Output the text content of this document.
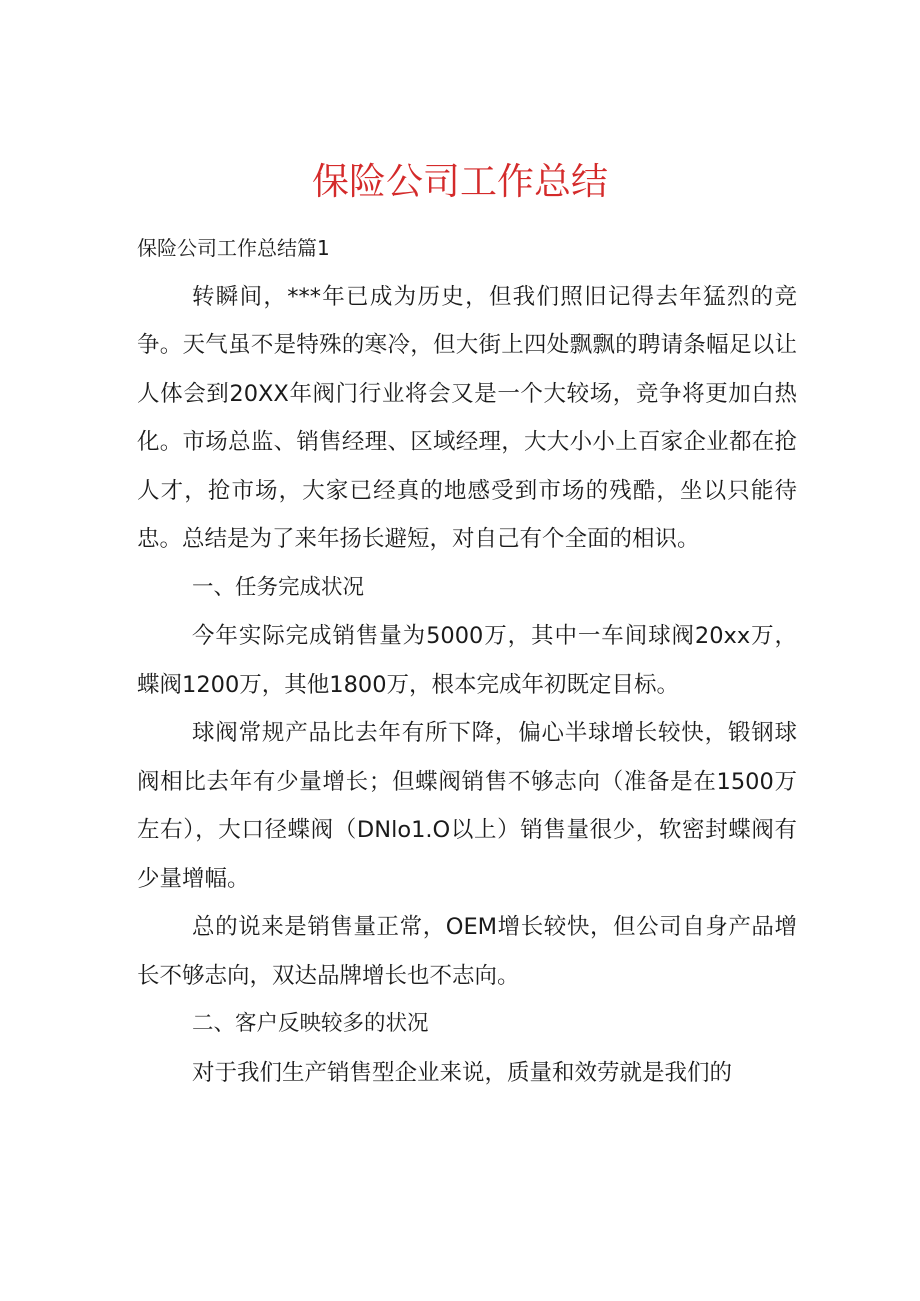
保险公司工作总结

保险公司工作总结篇1

转瞬间，***年已成为历史，但我们照旧记得去年猛烈的竞争。天气虽不是特殊的寒冷，但大街上四处飘飘的聘请条幅足以让人体会到20XX年阀门行业将会又是一个大较场，竞争将更加白热化。市场总监、销售经理、区域经理，大大小小上百家企业都在抢人才，抢市场，大家已经真的地感受到市场的残酷，坐以只能待忠。总结是为了来年扬长避短，对自己有个全面的相识。

一、任务完成状况

今年实际完成销售量为5000万，其中一车间球阀20xx万，蝶阀1200万，其他1800万，根本完成年初既定目标。

球阀常规产品比去年有所下降，偏心半球增长较快，锻钢球阀相比去年有少量增长；但蝶阀销售不够志向（准备是在1500万左右），大口径蝶阀（DNlo1.O以上）销售量很少，软密封蝶阀有少量增幅。

总的说来是销售量正常，OEM增长较快，但公司自身产品增长不够志向，双达品牌增长也不志向。

二、客户反映较多的状况

对于我们生产销售型企业来说，质量和效劳就是我们的
